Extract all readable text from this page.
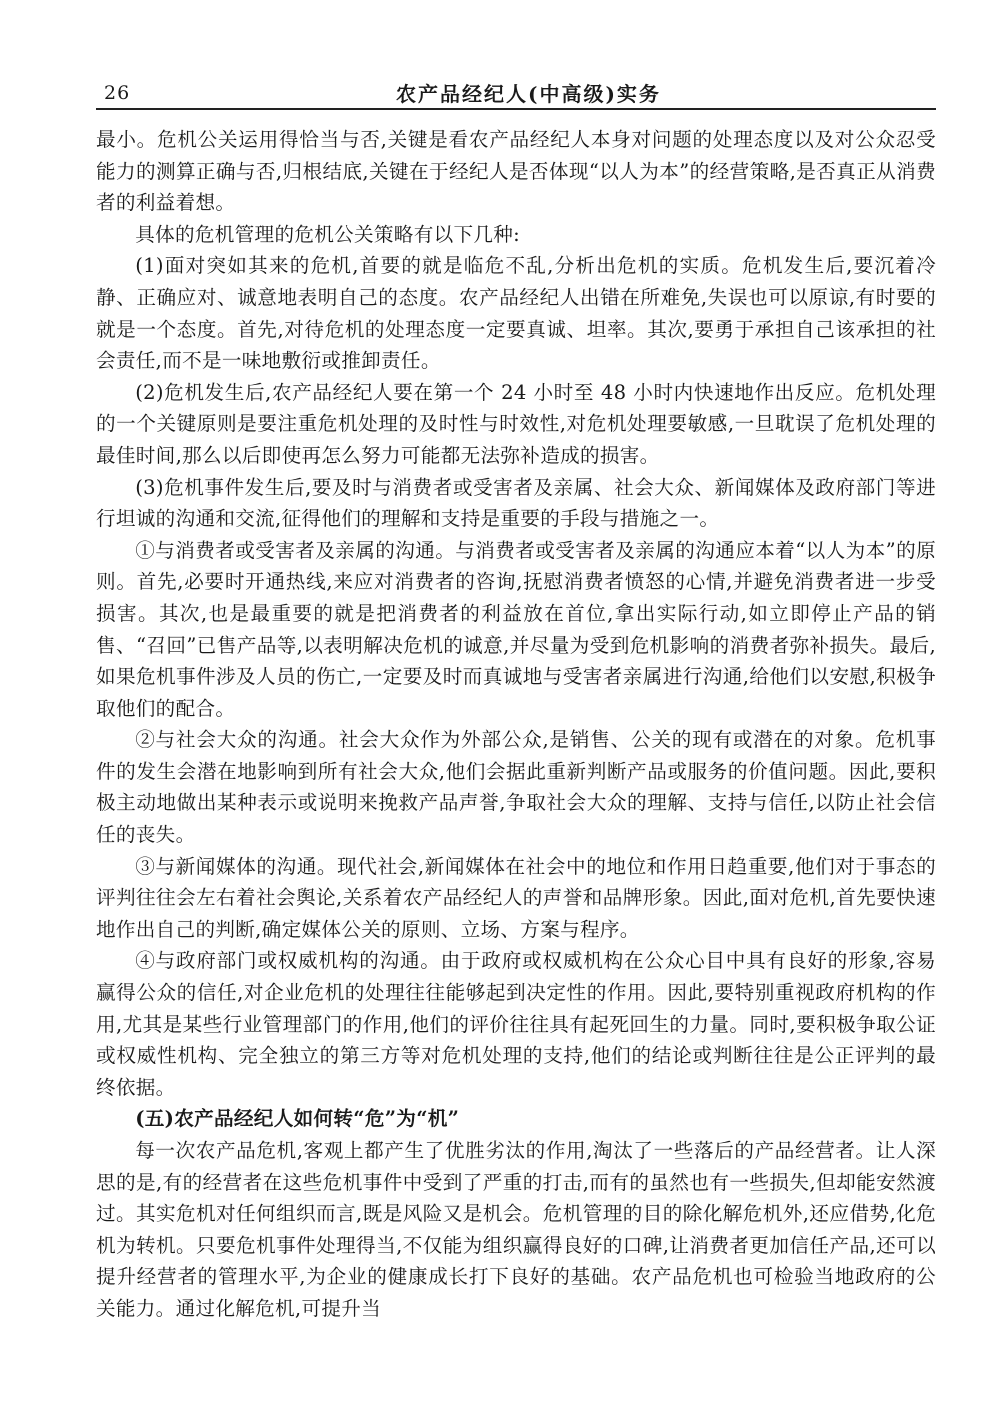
26	农产品经纪人(中高级)实务

最小。危机公关运用得恰当与否,关键是看农产品经纪人本身对问题的处理态度以及对公众忍受能力的测算正确与否,归根结底,关键在于经纪人是否体现“以人为本”的经营策略,是否真正从消费者的利益着想。

具体的危机管理的危机公关策略有以下几种:

(1)面对突如其来的危机,首要的就是临危不乱,分析出危机的实质。危机发生后,要沉着冷静、正确应对、诚意地表明自己的态度。农产品经纪人出错在所难免,失误也可以原谅,有时要的就是一个态度。首先,对待危机的处理态度一定要真诚、坦率。其次,要勇于承担自己该承担的社会责任,而不是一味地敷衍或推卸责任。

(2)危机发生后,农产品经纪人要在第一个 24 小时至 48 小时内快速地作出反应。危机处理的一个关键原则是要注重危机处理的及时性与时效性,对危机处理要敏感,一旦耽误了危机处理的最佳时间,那么以后即使再怎么努力可能都无法弥补造成的损害。

(3)危机事件发生后,要及时与消费者或受害者及亲属、社会大众、新闻媒体及政府部门等进行坦诚的沟通和交流,征得他们的理解和支持是重要的手段与措施之一。

①与消费者或受害者及亲属的沟通。与消费者或受害者及亲属的沟通应本着“以人为本”的原则。首先,必要时开通热线,来应对消费者的咨询,抚慰消费者愤怒的心情,并避免消费者进一步受损害。其次,也是最重要的就是把消费者的利益放在首位,拿出实际行动,如立即停止产品的销售、“召回”已售产品等,以表明解决危机的诚意,并尽量为受到危机影响的消费者弥补损失。最后,如果危机事件涉及人员的伤亡,一定要及时而真诚地与受害者亲属进行沟通,给他们以安慰,积极争取他们的配合。

②与社会大众的沟通。社会大众作为外部公众,是销售、公关的现有或潜在的对象。危机事件的发生会潜在地影响到所有社会大众,他们会据此重新判断产品或服务的价值问题。因此,要积极主动地做出某种表示或说明来挽救产品声誉,争取社会大众的理解、支持与信任,以防止社会信任的丧失。

③与新闻媒体的沟通。现代社会,新闻媒体在社会中的地位和作用日趋重要,他们对于事态的评判往往会左右着社会舆论,关系着农产品经纪人的声誉和品牌形象。因此,面对危机,首先要快速地作出自己的判断,确定媒体公关的原则、立场、方案与程序。

④与政府部门或权威机构的沟通。由于政府或权威机构在公众心目中具有良好的形象,容易赢得公众的信任,对企业危机的处理往往能够起到决定性的作用。因此,要特别重视政府机构的作用,尤其是某些行业管理部门的作用,他们的评价往往具有起死回生的力量。同时,要积极争取公证或权威性机构、完全独立的第三方等对危机处理的支持,他们的结论或判断往往是公正评判的最终依据。

(五)农产品经纪人如何转“危”为“机”

每一次农产品危机,客观上都产生了优胜劣汰的作用,淘汰了一些落后的产品经营者。让人深思的是,有的经营者在这些危机事件中受到了严重的打击,而有的虽然也有一些损失,但却能安然渡过。其实危机对任何组织而言,既是风险又是机会。危机管理的目的除化解危机外,还应借势,化危机为转机。只要危机事件处理得当,不仅能为组织赢得良好的口碑,让消费者更加信任产品,还可以提升经营者的管理水平,为企业的健康成长打下良好的基础。农产品危机也可检验当地政府的公关能力。通过化解危机,可提升当
